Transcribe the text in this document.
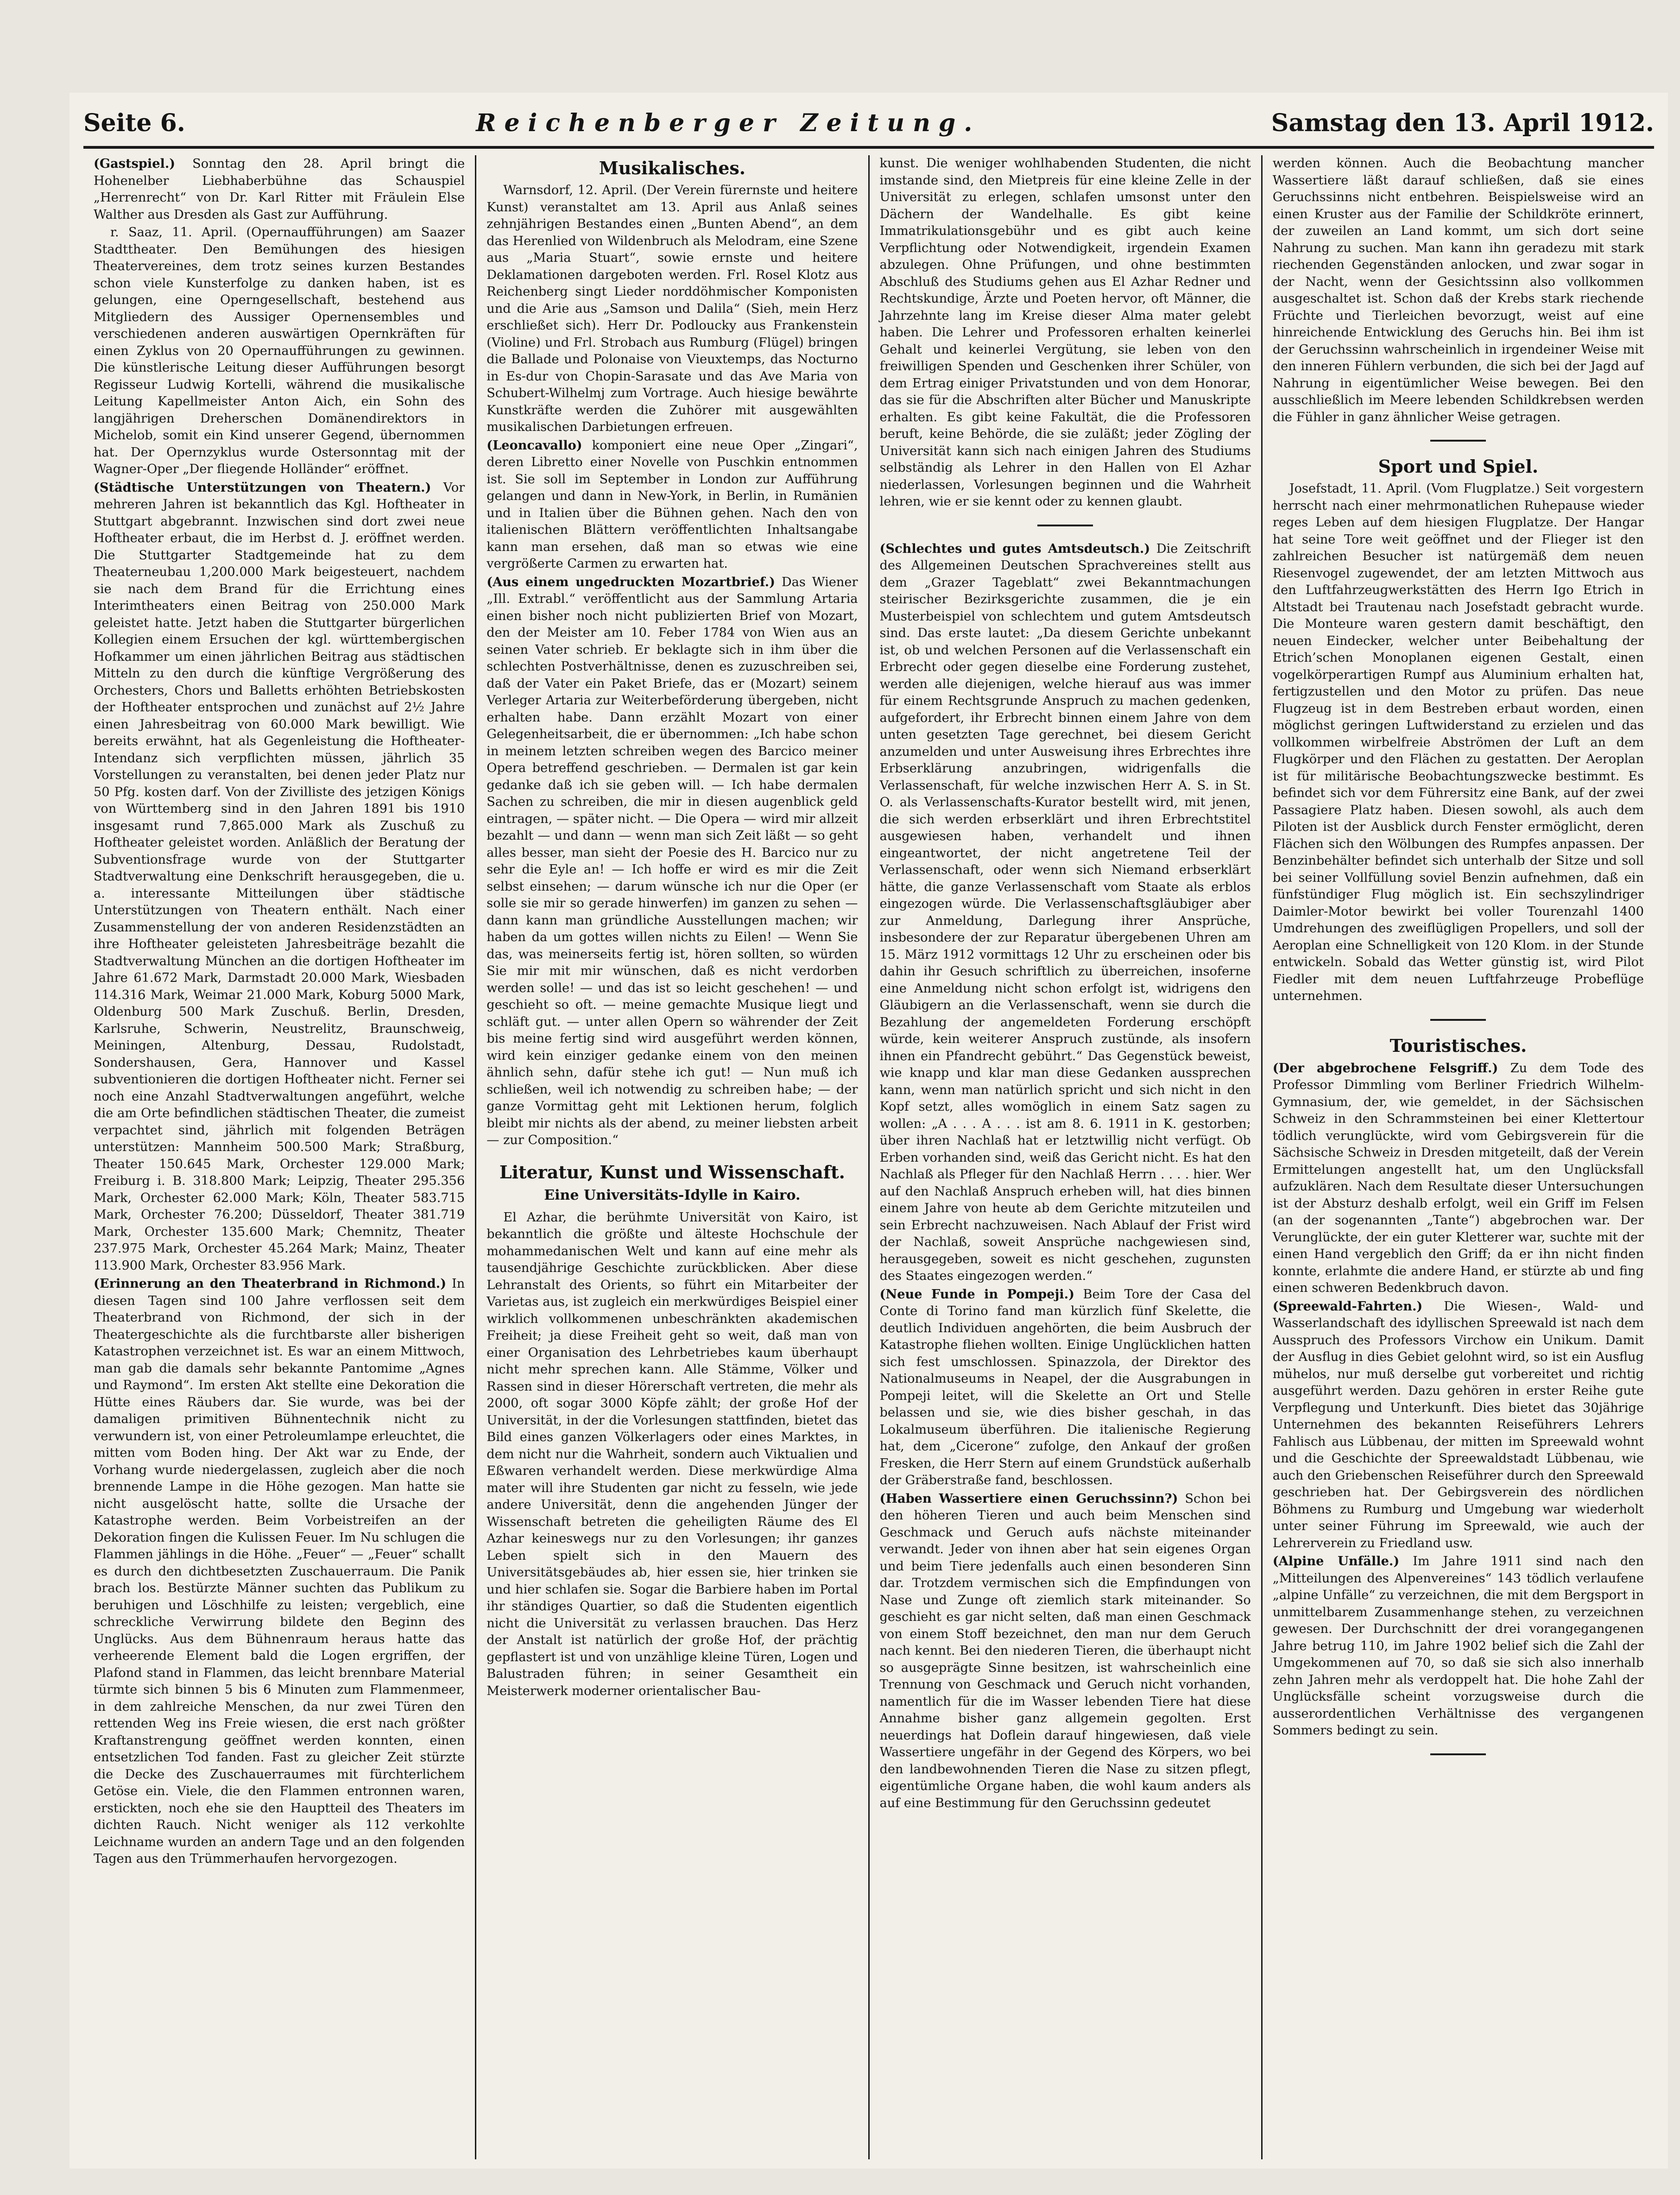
Seite 6.	Reichenberger Zeitung.	Samstag den 13. April 1912.

(Gastspiel.) Sonntag den 28. April bringt die Hohenelber Liebhaberbühne das Schauspiel „Herrenrecht“ von Dr. Karl Ritter mit Fräulein Else Walther aus Dresden als Gast zur Aufführung.

r. Saaz, 11. April. (Opernaufführungen) am Saazer Stadttheater. Den Bemühungen des hiesigen Theatervereines, dem trotz seines kurzen Bestandes schon viele Kunsterfolge zu danken haben, ist es gelungen, eine Operngesellschaft, bestehend aus Mitgliedern des Aussiger Opernensembles und verschiedenen anderen auswärtigen Opernkräften für einen Zyklus von 20 Opernaufführungen zu gewinnen. Die künstlerische Leitung dieser Aufführungen besorgt Regisseur Ludwig Kortelli, während die musikalische Leitung Kapellmeister Anton Aich, ein Sohn des langjährigen Dreherschen Domänendirektors in Michelob, somit ein Kind unserer Gegend, übernommen hat. Der Opernzyklus wurde Ostersonntag mit der Wagner-Oper „Der fliegende Holländer“ eröffnet.

(Städtische Unterstützungen von Theatern.) Vor mehreren Jahren ist bekanntlich das Kgl. Hoftheater in Stuttgart abgebrannt. Inzwischen sind dort zwei neue Hoftheater erbaut, die im Herbst d. J. eröffnet werden. Die Stuttgarter Stadtgemeinde hat zu dem Theaterneubau 1,200.000 Mark beigesteuert, nachdem sie nach dem Brand für die Errichtung eines Interimtheaters einen Beitrag von 250.000 Mark geleistet hatte. Jetzt haben die Stuttgarter bürgerlichen Kollegien einem Ersuchen der kgl. württembergischen Hofkammer um einen jährlichen Beitrag aus städtischen Mitteln zu den durch die künftige Vergrößerung des Orchesters, Chors und Balletts erhöhten Betriebskosten der Hoftheater entsprochen und zunächst auf 2½ Jahre einen Jahresbeitrag von 60.000 Mark bewilligt. Wie bereits erwähnt, hat als Gegenleistung die Hoftheater-Intendanz sich verpflichten müssen, jährlich 35 Vorstellungen zu veranstalten, bei denen jeder Platz nur 50 Pfg. kosten darf. Von der Zivilliste des jetzigen Königs von Württemberg sind in den Jahren 1891 bis 1910 insgesamt rund 7,865.000 Mark als Zuschuß zu Hoftheater geleistet worden. Anläßlich der Beratung der Subventionsfrage wurde von der Stuttgarter Stadtverwaltung eine Denkschrift herausgegeben, die u. a. interessante Mitteilungen über städtische Unterstützungen von Theatern enthält. Nach einer Zusammenstellung der von anderen Residenzstädten an ihre Hoftheater geleisteten Jahresbeiträge bezahlt die Stadtverwaltung München an die dortigen Hoftheater im Jahre 61.672 Mark, Darmstadt 20.000 Mark, Wiesbaden 114.316 Mark, Weimar 21.000 Mark, Koburg 5000 Mark, Oldenburg 500 Mark Zuschuß. Berlin, Dresden, Karlsruhe, Schwerin, Neustrelitz, Braunschweig, Meiningen, Altenburg, Dessau, Rudolstadt, Sondershausen, Gera, Hannover und Kassel subventionieren die dortigen Hoftheater nicht. Ferner sei noch eine Anzahl Stadtverwaltungen angeführt, welche die am Orte befindlichen städtischen Theater, die zumeist verpachtet sind, jährlich mit folgenden Beträgen unterstützen: Mannheim 500.500 Mark; Straßburg, Theater 150.645 Mark, Orchester 129.000 Mark; Freiburg i. B. 318.800 Mark; Leipzig, Theater 295.356 Mark, Orchester 62.000 Mark; Köln, Theater 583.715 Mark, Orchester 76.200; Düsseldorf, Theater 381.719 Mark, Orchester 135.600 Mark; Chemnitz, Theater 237.975 Mark, Orchester 45.264 Mark; Mainz, Theater 113.900 Mark, Orchester 83.956 Mark.

(Erinnerung an den Theaterbrand in Richmond.) In diesen Tagen sind 100 Jahre verflossen seit dem Theaterbrand von Richmond, der sich in der Theatergeschichte als die furchtbarste aller bisherigen Katastrophen verzeichnet ist. Es war an einem Mittwoch, man gab die damals sehr bekannte Pantomime „Agnes und Raymond“. Im ersten Akt stellte eine Dekoration die Hütte eines Räubers dar. Sie wurde, was bei der damaligen primitiven Bühnentechnik nicht zu verwundern ist, von einer Petroleumlampe erleuchtet, die mitten vom Boden hing. Der Akt war zu Ende, der Vorhang wurde niedergelassen, zugleich aber die noch brennende Lampe in die Höhe gezogen. Man hatte sie nicht ausgelöscht hatte, sollte die Ursache der Katastrophe werden. Beim Vorbeistreifen an der Dekoration fingen die Kulissen Feuer. Im Nu schlugen die Flammen jählings in die Höhe. „Feuer“ — „Feuer“ schallt es durch den dichtbesetzten Zuschauerraum. Die Panik brach los. Bestürzte Männer suchten das Publikum zu beruhigen und Löschhilfe zu leisten; vergeblich, eine schreckliche Verwirrung bildete den Beginn des Unglücks. Aus dem Bühnenraum heraus hatte das verheerende Element bald die Logen ergriffen, der Plafond stand in Flammen, das leicht brennbare Material türmte sich binnen 5 bis 6 Minuten zum Flammenmeer, in dem zahlreiche Menschen, da nur zwei Türen den rettenden Weg ins Freie wiesen, die erst nach größter Kraftanstrengung geöffnet werden konnten, einen entsetzlichen Tod fanden. Fast zu gleicher Zeit stürzte die Decke des Zuschauerraumes mit fürchterlichem Getöse ein. Viele, die den Flammen entronnen waren, erstickten, noch ehe sie den Hauptteil des Theaters im dichten Rauch. Nicht weniger als 112 verkohlte Leichname wurden an andern Tage und an den folgenden Tagen aus den Trümmerhaufen hervorgezogen.

Musikalisches.

Warnsdorf, 12. April. (Der Verein fürernste und heitere Kunst) veranstaltet am 13. April aus Anlaß seines zehnjährigen Bestandes einen „Bunten Abend“, an dem das Herenlied von Wildenbruch als Melodram, eine Szene aus „Maria Stuart“, sowie ernste und heitere Deklamationen dargeboten werden. Frl. Rosel Klotz aus Reichenberg singt Lieder norddöhmischer Komponisten und die Arie aus „Samson und Dalila“ (Sieh, mein Herz erschließet sich). Herr Dr. Podloucky aus Frankenstein (Violine) und Frl. Strobach aus Rumburg (Flügel) bringen die Ballade und Polonaise von Vieuxtemps, das Nocturno in Es-dur von Chopin-Sarasate und das Ave Maria von Schubert-Wilhelmj zum Vortrage. Auch hiesige bewährte Kunstkräfte werden die Zuhörer mit ausgewählten musikalischen Darbietungen erfreuen.

(Leoncavallo) komponiert eine neue Oper „Zingari“, deren Libretto einer Novelle von Puschkin entnommen ist. Sie soll im September in London zur Aufführung gelangen und dann in New-York, in Berlin, in Rumänien und in Italien über die Bühnen gehen. Nach den von italienischen Blättern veröffentlichten Inhaltsangabe kann man ersehen, daß man so etwas wie eine vergrößerte Carmen zu erwarten hat.

(Aus einem ungedruckten Mozartbrief.) Das Wiener „Ill. Extrabl.“ veröffentlicht aus der Sammlung Artaria einen bisher noch nicht publizierten Brief von Mozart, den der Meister am 10. Feber 1784 von Wien aus an seinen Vater schrieb. Er beklagte sich in ihm über die schlechten Postverhältnisse, denen es zuzuschreiben sei, daß der Vater ein Paket Briefe, das er (Mozart) seinem Verleger Artaria zur Weiterbeförderung übergeben, nicht erhalten habe. Dann erzählt Mozart von einer Gelegenheitsarbeit, die er übernommen: „Ich habe schon in meinem letzten schreiben wegen des Barcico meiner Opera betreffend geschrieben. — Dermalen ist gar kein gedanke daß ich sie geben will. — Ich habe dermalen Sachen zu schreiben, die mir in diesen augenblick geld eintragen, — später nicht. — Die Opera — wird mir allzeit bezahlt — und dann — wenn man sich Zeit läßt — so geht alles besser, man sieht der Poesie des H. Barcico nur zu sehr die Eyle an! — Ich hoffe er wird es mir die Zeit selbst einsehen; — darum wünsche ich nur die Oper (er solle sie mir so gerade hinwerfen) im ganzen zu sehen — dann kann man gründliche Ausstellungen machen; wir haben da um gottes willen nichts zu Eilen! — Wenn Sie das, was meinerseits fertig ist, hören sollten, so würden Sie mir mit mir wünschen, daß es nicht verdorben werden solle! — und das ist so leicht geschehen! — und geschieht so oft. — meine gemachte Musique liegt und schläft gut. — unter allen Opern so währender der Zeit bis meine fertig sind wird ausgeführt werden können, wird kein einziger gedanke einem von den meinen ähnlich sehn, dafür stehe ich gut! — Nun muß ich schließen, weil ich notwendig zu schreiben habe; — der ganze Vormittag geht mit Lektionen herum, folglich bleibt mir nichts als der abend, zu meiner liebsten arbeit — zur Composition.“

Literatur, Kunst und Wissenschaft.
Eine Universitäts-Idylle in Kairo.

El Azhar, die berühmte Universität von Kairo, ist bekanntlich die größte und älteste Hochschule der mohammedanischen Welt und kann auf eine mehr als tausendjährige Geschichte zurückblicken. Aber diese Lehranstalt des Orients, so führt ein Mitarbeiter der Varietas aus, ist zugleich ein merkwürdiges Beispiel einer wirklich vollkommenen unbeschränkten akademischen Freiheit; ja diese Freiheit geht so weit, daß man von einer Organisation des Lehrbetriebes kaum überhaupt nicht mehr sprechen kann. Alle Stämme, Völker und Rassen sind in dieser Hörerschaft vertreten, die mehr als 2000, oft sogar 3000 Köpfe zählt; der große Hof der Universität, in der die Vorlesungen stattfinden, bietet das Bild eines ganzen Völkerlagers oder eines Marktes, in dem nicht nur die Wahrheit, sondern auch Viktualien und Eßwaren verhandelt werden. Diese merkwürdige Alma mater will ihre Studenten gar nicht zu fesseln, wie jede andere Universität, denn die angehenden Jünger der Wissenschaft betreten die geheiligten Räume des El Azhar keineswegs nur zu den Vorlesungen; ihr ganzes Leben spielt sich in den Mauern des Universitätsgebäudes ab, hier essen sie, hier trinken sie und hier schlafen sie. Sogar die Barbiere haben im Portal ihr ständiges Quartier, so daß die Studenten eigentlich nicht die Universität zu verlassen brauchen. Das Herz der Anstalt ist natürlich der große Hof, der prächtig gepflastert ist und von unzählige kleine Türen, Logen und Balustraden führen; in seiner Gesamtheit ein Meisterwerk moderner orientalischer Bau-

kunst. Die weniger wohlhabenden Studenten, die nicht imstande sind, den Mietpreis für eine kleine Zelle in der Universität zu erlegen, schlafen umsonst unter den Dächern der Wandelhalle. Es gibt keine Immatrikulationsgebühr und es gibt auch keine Verpflichtung oder Notwendigkeit, irgendein Examen abzulegen. Ohne Prüfungen, und ohne bestimmten Abschluß des Studiums gehen aus El Azhar Redner und Rechtskundige, Ärzte und Poeten hervor, oft Männer, die Jahrzehnte lang im Kreise dieser Alma mater gelebt haben. Die Lehrer und Professoren erhalten keinerlei Gehalt und keinerlei Vergütung, sie leben von den freiwilligen Spenden und Geschenken ihrer Schüler, von dem Ertrag einiger Privatstunden und von dem Honorar, das sie für die Abschriften alter Bücher und Manuskripte erhalten. Es gibt keine Fakultät, die die Professoren beruft, keine Behörde, die sie zuläßt; jeder Zögling der Universität kann sich nach einigen Jahren des Studiums selbständig als Lehrer in den Hallen von El Azhar niederlassen, Vorlesungen beginnen und die Wahrheit lehren, wie er sie kennt oder zu kennen glaubt.

(Schlechtes und gutes Amtsdeutsch.) Die Zeitschrift des Allgemeinen Deutschen Sprachvereines stellt aus dem „Grazer Tageblatt“ zwei Bekanntmachungen steirischer Bezirksgerichte zusammen, die je ein Musterbeispiel von schlechtem und gutem Amtsdeutsch sind. Das erste lautet: „Da diesem Gerichte unbekannt ist, ob und welchen Personen auf die Verlassenschaft ein Erbrecht oder gegen dieselbe eine Forderung zustehet, werden alle diejenigen, welche hierauf aus was immer für einem Rechtsgrunde Anspruch zu machen gedenken, aufgefordert, ihr Erbrecht binnen einem Jahre von dem unten gesetzten Tage gerechnet, bei diesem Gericht anzumelden und unter Ausweisung ihres Erbrechtes ihre Erbserklärung anzubringen, widrigenfalls die Verlassenschaft, für welche inzwischen Herr A. S. in St. O. als Verlassenschafts-Kurator bestellt wird, mit jenen, die sich werden erbserklärt und ihren Erbrechtstitel ausgewiesen haben, verhandelt und ihnen eingeantwortet, der nicht angetretene Teil der Verlassenschaft, oder wenn sich Niemand erbserklärt hätte, die ganze Verlassenschaft vom Staate als erblos eingezogen würde. Die Verlassenschaftsgläubiger aber zur Anmeldung, Darlegung ihrer Ansprüche, insbesondere der zur Reparatur übergebenen Uhren am 15. März 1912 vormittags 12 Uhr zu erscheinen oder bis dahin ihr Gesuch schriftlich zu überreichen, insoferne eine Anmeldung nicht schon erfolgt ist, widrigens den Gläubigern an die Verlassenschaft, wenn sie durch die Bezahlung der angemeldeten Forderung erschöpft würde, kein weiterer Anspruch zustünde, als insofern ihnen ein Pfandrecht gebührt.“ Das Gegenstück beweist, wie knapp und klar man diese Gedanken aussprechen kann, wenn man natürlich spricht und sich nicht in den Kopf setzt, alles womöglich in einem Satz sagen zu wollen: „A . . . A . . . ist am 8. 6. 1911 in K. gestorben; über ihren Nachlaß hat er letztwillig nicht verfügt. Ob Erben vorhanden sind, weiß das Gericht nicht. Es hat den Nachlaß als Pfleger für den Nachlaß Herrn . . . . hier. Wer auf den Nachlaß Anspruch erheben will, hat dies binnen einem Jahre von heute ab dem Gerichte mitzuteilen und sein Erbrecht nachzuweisen. Nach Ablauf der Frist wird der Nachlaß, soweit Ansprüche nachgewiesen sind, herausgegeben, soweit es nicht geschehen, zugunsten des Staates eingezogen werden.“

(Neue Funde in Pompeji.) Beim Tore der Casa del Conte di Torino fand man kürzlich fünf Skelette, die deutlich Individuen angehörten, die beim Ausbruch der Katastrophe fliehen wollten. Einige Unglücklichen hatten sich fest umschlossen. Spinazzola, der Direktor des Nationalmuseums in Neapel, der die Ausgrabungen in Pompeji leitet, will die Skelette an Ort und Stelle belassen und sie, wie dies bisher geschah, in das Lokalmuseum überführen. Die italienische Regierung hat, dem „Cicerone“ zufolge, den Ankauf der großen Fresken, die Herr Stern auf einem Grundstück außerhalb der Gräberstraße fand, beschlossen.

(Haben Wassertiere einen Geruchssinn?) Schon bei den höheren Tieren und auch beim Menschen sind Geschmack und Geruch aufs nächste miteinander verwandt. Jeder von ihnen aber hat sein eigenes Organ und beim Tiere jedenfalls auch einen besonderen Sinn dar. Trotzdem vermischen sich die Empfindungen von Nase und Zunge oft ziemlich stark miteinander. So geschieht es gar nicht selten, daß man einen Geschmack von einem Stoff bezeichnet, den man nur dem Geruch nach kennt. Bei den niederen Tieren, die überhaupt nicht so ausgeprägte Sinne besitzen, ist wahrscheinlich eine Trennung von Geschmack und Geruch nicht vorhanden, namentlich für die im Wasser lebenden Tiere hat diese Annahme bisher ganz allgemein gegolten. Erst neuerdings hat Doflein darauf hingewiesen, daß viele Wassertiere ungefähr in der Gegend des Körpers, wo bei den landbewohnenden Tieren die Nase zu sitzen pflegt, eigentümliche Organe haben, die wohl kaum anders als auf eine Bestimmung für den Geruchssinn gedeutet

werden können. Auch die Beobachtung mancher Wassertiere läßt darauf schließen, daß sie eines Geruchssinns nicht entbehren. Beispielsweise wird an einen Kruster aus der Familie der Schildkröte erinnert, der zuweilen an Land kommt, um sich dort seine Nahrung zu suchen. Man kann ihn geradezu mit stark riechenden Gegenständen anlocken, und zwar sogar in der Nacht, wenn der Gesichtssinn also vollkommen ausgeschaltet ist. Schon daß der Krebs stark riechende Früchte und Tierleichen bevorzugt, weist auf eine hinreichende Entwicklung des Geruchs hin. Bei ihm ist der Geruchssinn wahrscheinlich in irgendeiner Weise mit den inneren Fühlern verbunden, die sich bei der Jagd auf Nahrung in eigentümlicher Weise bewegen. Bei den ausschließlich im Meere lebenden Schildkrebsen werden die Fühler in ganz ähnlicher Weise getragen.

Sport und Spiel.

Josefstadt, 11. April. (Vom Flugplatze.) Seit vorgestern herrscht nach einer mehrmonatlichen Ruhepause wieder reges Leben auf dem hiesigen Flugplatze. Der Hangar hat seine Tore weit geöffnet und der Flieger ist den zahlreichen Besucher ist natürgemäß dem neuen Riesenvogel zugewendet, der am letzten Mittwoch aus den Luftfahrzeugwerkstätten des Herrn Igo Etrich in Altstadt bei Trautenau nach Josefstadt gebracht wurde. Die Monteure waren gestern damit beschäftigt, den neuen Eindecker, welcher unter Beibehaltung der Etrich’schen Monoplanen eigenen Gestalt, einen vogelkörperartigen Rumpf aus Aluminium erhalten hat, fertigzustellen und den Motor zu prüfen. Das neue Flugzeug ist in dem Bestreben erbaut worden, einen möglichst geringen Luftwiderstand zu erzielen und das vollkommen wirbelfreie Abströmen der Luft an dem Flugkörper und den Flächen zu gestatten. Der Aeroplan ist für militärische Beobachtungszwecke bestimmt. Es befindet sich vor dem Führersitz eine Bank, auf der zwei Passagiere Platz haben. Diesen sowohl, als auch dem Piloten ist der Ausblick durch Fenster ermöglicht, deren Flächen sich den Wölbungen des Rumpfes anpassen. Der Benzinbehälter befindet sich unterhalb der Sitze und soll bei seiner Vollfüllung soviel Benzin aufnehmen, daß ein fünfstündiger Flug möglich ist. Ein sechszylindriger Daimler-Motor bewirkt bei voller Tourenzahl 1400 Umdrehungen des zweiflügligen Propellers, und soll der Aeroplan eine Schnelligkeit von 120 Klom. in der Stunde entwickeln. Sobald das Wetter günstig ist, wird Pilot Fiedler mit dem neuen Luftfahrzeuge Probeflüge unternehmen.

Touristisches.

(Der abgebrochene Felsgriff.) Zu dem Tode des Professor Dimmling vom Berliner Friedrich Wilhelm-Gymnasium, der, wie gemeldet, in der Sächsischen Schweiz in den Schrammsteinen bei einer Klettertour tödlich verunglückte, wird vom Gebirgsverein für die Sächsische Schweiz in Dresden mitgeteilt, daß der Verein Ermittelungen angestellt hat, um den Unglücksfall aufzuklären. Nach dem Resultate dieser Untersuchungen ist der Absturz deshalb erfolgt, weil ein Griff im Felsen (an der sogenannten „Tante“) abgebrochen war. Der Verunglückte, der ein guter Kletterer war, suchte mit der einen Hand vergeblich den Griff; da er ihn nicht finden konnte, erlahmte die andere Hand, er stürzte ab und fing einen schweren Bedenkbruch davon.

(Spreewald-Fahrten.) Die Wiesen-, Wald- und Wasserlandschaft des idyllischen Spreewald ist nach dem Ausspruch des Professors Virchow ein Unikum. Damit der Ausflug in dies Gebiet gelohnt wird, so ist ein Ausflug mühelos, nur muß derselbe gut vorbereitet und richtig ausgeführt werden. Dazu gehören in erster Reihe gute Verpflegung und Unterkunft. Dies bietet das 30jährige Unternehmen des bekannten Reiseführers Lehrers Fahlisch aus Lübbenau, der mitten im Spreewald wohnt und die Geschichte der Spreewaldstadt Lübbenau, wie auch den Griebenschen Reiseführer durch den Spreewald geschrieben hat. Der Gebirgsverein des nördlichen Böhmens zu Rumburg und Umgebung war wiederholt unter seiner Führung im Spreewald, wie auch der Lehrerverein zu Friedland usw.

(Alpine Unfälle.) Im Jahre 1911 sind nach den „Mitteilungen des Alpenvereines“ 143 tödlich verlaufene „alpine Unfälle“ zu verzeichnen, die mit dem Bergsport in unmittelbarem Zusammenhange stehen, zu verzeichnen gewesen. Der Durchschnitt der drei vorangegangenen Jahre betrug 110, im Jahre 1902 belief sich die Zahl der Umgekommenen auf 70, so daß sie sich also innerhalb zehn Jahren mehr als verdoppelt hat. Die hohe Zahl der Unglücksfälle scheint vorzugsweise durch die ausserordentlichen Verhältnisse des vergangenen Sommers bedingt zu sein.
